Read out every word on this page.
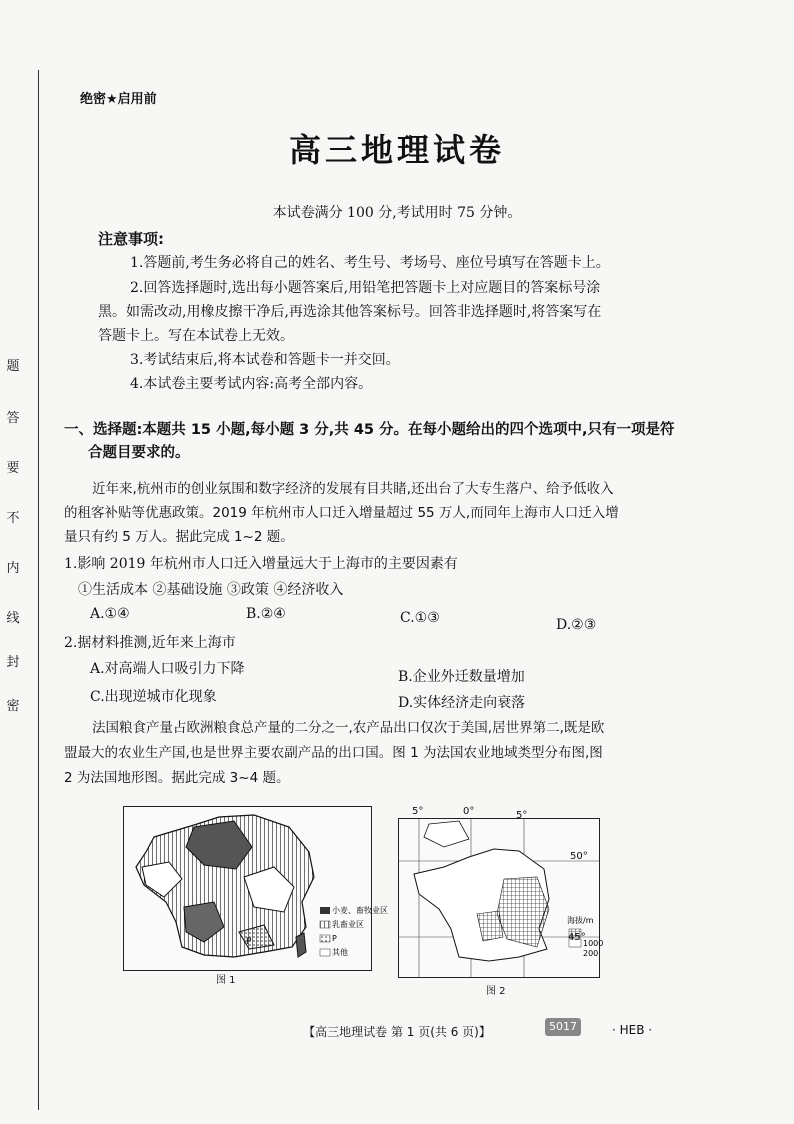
题
答
要
不
内
线
封
密
绝密★启用前
高三地理试卷
本试卷满分 100 分,考试用时 75 分钟。
注意事项:
1.答题前,考生务必将自己的姓名、考生号、考场号、座位号填写在答题卡上。
2.回答选择题时,选出每小题答案后,用铅笔把答题卡上对应题目的答案标号涂
黑。如需改动,用橡皮擦干净后,再选涂其他答案标号。回答非选择题时,将答案写在
答题卡上。写在本试卷上无效。
3.考试结束后,将本试卷和答题卡一并交回。
4.本试卷主要考试内容:高考全部内容。
一、选择题:本题共 15 小题,每小题 3 分,共 45 分。在每小题给出的四个选项中,只有一项是符
合题目要求的。
近年来,杭州市的创业氛围和数字经济的发展有目共睹,还出台了大专生落户、给予低收入
的租客补贴等优惠政策。2019 年杭州市人口迁入增量超过 55 万人,而同年上海市人口迁入增
量只有约 5 万人。据此完成 1~2 题。
1.影响 2019 年杭州市人口迁入增量远大于上海市的主要因素有
①生活成本 ②基础设施 ③政策 ④经济收入
A.①④	B.②④	C.①③	D.②③
2.据材料推测,近年来上海市
A.对高端人口吸引力下降	B.企业外迁数量增加
C.出现逆城市化现象	D.实体经济走向衰落
法国粮食产量占欧洲粮食总产量的二分之一,农产品出口仅次于美国,居世界第二,既是欧
盟最大的农业生产国,也是世界主要农副产品的出口国。图 1 为法国农业地域类型分布图,图
2 为法国地形图。据此完成 3~4 题。
P
小麦、畜牧业区
乳畜业区
P
其他
图 1
海拔/m
1000
200
5°	0°	5°
50°
45°
图 2
【高三地理试卷 第 1 页(共 6 页)】	5017	· HEB ·
